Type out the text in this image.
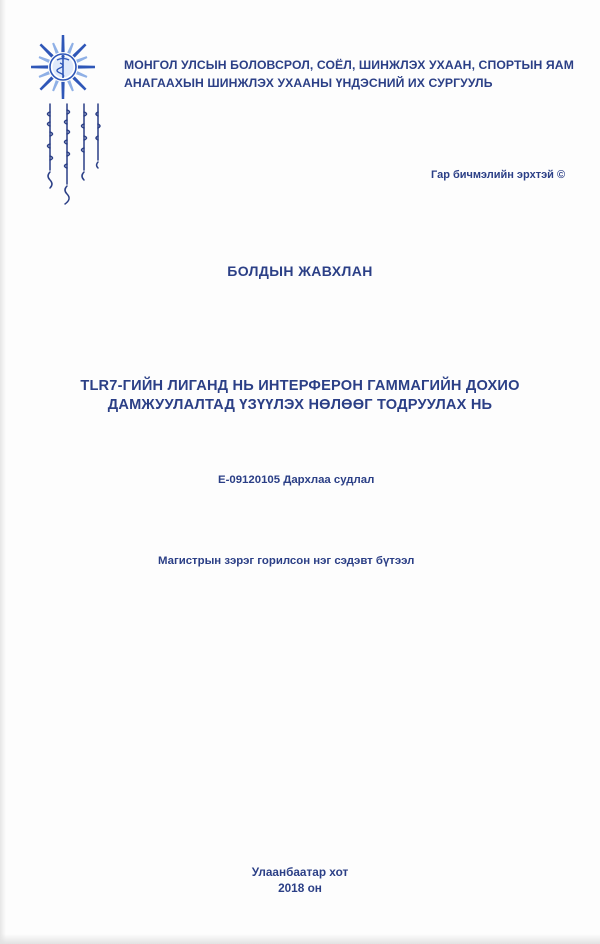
МОНГОЛ УЛСЫН БОЛОВСРОЛ, СОЁЛ, ШИНЖЛЭХ УХААН, СПОРТЫН ЯАМ

АНАГААХЫН ШИНЖЛЭХ УХААНЫ ҮНДЭСНИЙ ИХ СУРГУУЛЬ

Гар бичмэлийн эрхтэй ©

БОЛДЫН ЖАВХЛАН

TLR7-ГИЙН ЛИГАНД НЬ ИНТЕРФЕРОН ГАММАГИЙН ДОХИО

ДАМЖУУЛАЛТАД ҮЗҮҮЛЭХ НӨЛӨӨГ ТОДРУУЛАХ НЬ

E-09120105 Дархлаа судлал

Магистрын зэрэг горилсон нэг сэдэвт бүтээл

Улаанбаатар хот

2018 он
